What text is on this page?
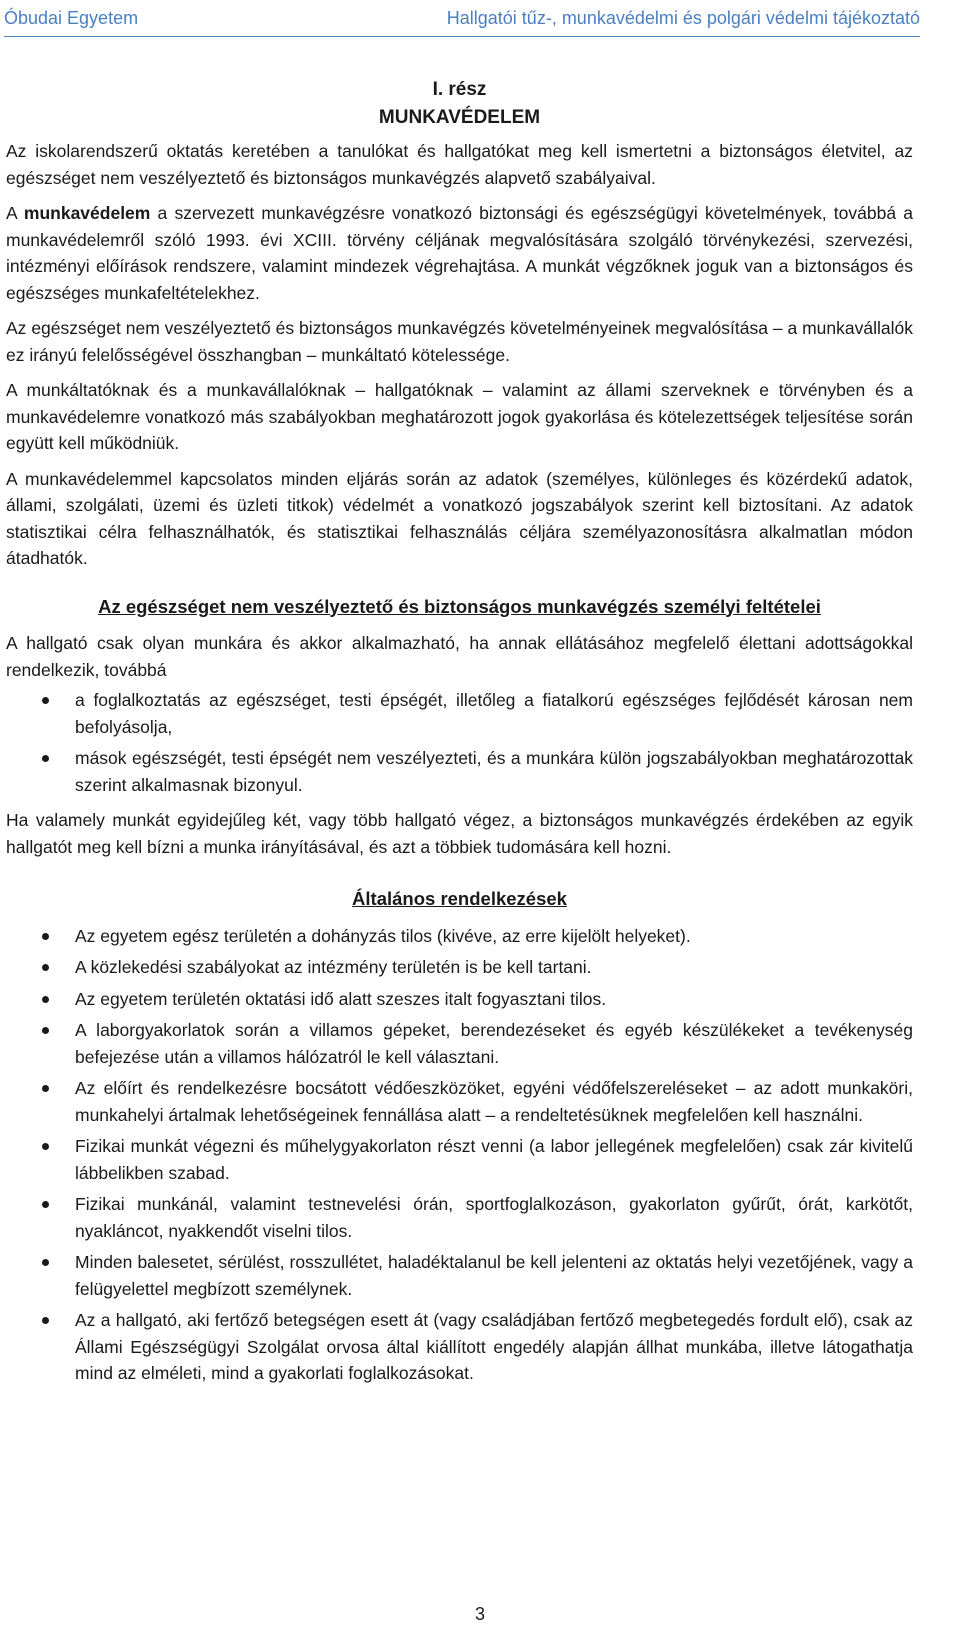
Óbudai Egyetem	Hallgatói tűz-, munkavédelmi és polgári védelmi tájékoztató
I. rész
MUNKAVÉDELEM

Az iskolarendszerű oktatás keretében a tanulókat és hallgatókat meg kell ismertetni a biztonságos életvitel, az egészséget nem veszélyeztető és biztonságos munkavégzés alapvető szabályaival.

A munkavédelem a szervezett munkavégzésre vonatkozó biztonsági és egészségügyi követelmények, továbbá a munkavédelemről szóló 1993. évi XCIII. törvény céljának megvalósítására szolgáló törvénykezési, szervezési, intézményi előírások rendszere, valamint mindezek végrehajtása. A munkát végzőknek joguk van a biztonságos és egészséges munkafeltételekhez.

Az egészséget nem veszélyeztető és biztonságos munkavégzés követelményeinek megvalósítása – a munkavállalók ez irányú felelősségével összhangban – munkáltató kötelessége.

A munkáltatóknak és a munkavállalóknak – hallgatóknak – valamint az állami szerveknek e törvényben és a munkavédelemre vonatkozó más szabályokban meghatározott jogok gyakorlása és kötelezettségek teljesítése során együtt kell működniük.

A munkavédelemmel kapcsolatos minden eljárás során az adatok (személyes, különleges és közérdekű adatok, állami, szolgálati, üzemi és üzleti titkok) védelmét a vonatkozó jogszabályok szerint kell biztosítani. Az adatok statisztikai célra felhasználhatók, és statisztikai felhasználás céljára személyazonosításra alkalmatlan módon átadhatók.

Az egészséget nem veszélyeztető és biztonságos munkavégzés személyi feltételei

A hallgató csak olyan munkára és akkor alkalmazható, ha annak ellátásához megfelelő élettani adottságokkal rendelkezik, továbbá

a foglalkoztatás az egészséget, testi épségét, illetőleg a fiatalkorú egészséges fejlődését károsan nem befolyásolja,
mások egészségét, testi épségét nem veszélyezteti, és a munkára külön jogszabályokban meghatározottak szerint alkalmasnak bizonyul.

Ha valamely munkát egyidejűleg két, vagy több hallgató végez, a biztonságos munkavégzés érdekében az egyik hallgatót meg kell bízni a munka irányításával, és azt a többiek tudomására kell hozni.

Általános rendelkezések
Az egyetem egész területén a dohányzás tilos (kivéve, az erre kijelölt helyeket).
A közlekedési szabályokat az intézmény területén is be kell tartani.
Az egyetem területén oktatási idő alatt szeszes italt fogyasztani tilos.
A laborgyakorlatok során a villamos gépeket, berendezéseket és egyéb készülékeket a tevékenység befejezése után a villamos hálózatról le kell választani.
Az előírt és rendelkezésre bocsátott védőeszközöket, egyéni védőfelszereléseket – az adott munkaköri, munkahelyi ártalmak lehetőségeinek fennállása alatt – a rendeltetésüknek megfelelően kell használni.
Fizikai munkát végezni és műhelygyakorlaton részt venni (a labor jellegének megfelelően) csak zár kivitelű lábbelikben szabad.
Fizikai munkánál, valamint testnevelési órán, sportfoglalkozáson, gyakorlaton gyűrűt, órát, karkötőt, nyakláncot, nyakkendőt viselni tilos.
Minden balesetet, sérülést, rosszullétet, haladéktalanul be kell jelenteni az oktatás helyi vezetőjének, vagy a felügyelettel megbízott személynek.
Az a hallgató, aki fertőző betegségen esett át (vagy családjában fertőző megbetegedés fordult elő), csak az Állami Egészségügyi Szolgálat orvosa által kiállított engedély alapján állhat munkába, illetve látogathatja mind az elméleti, mind a gyakorlati foglalkozásokat.
3
